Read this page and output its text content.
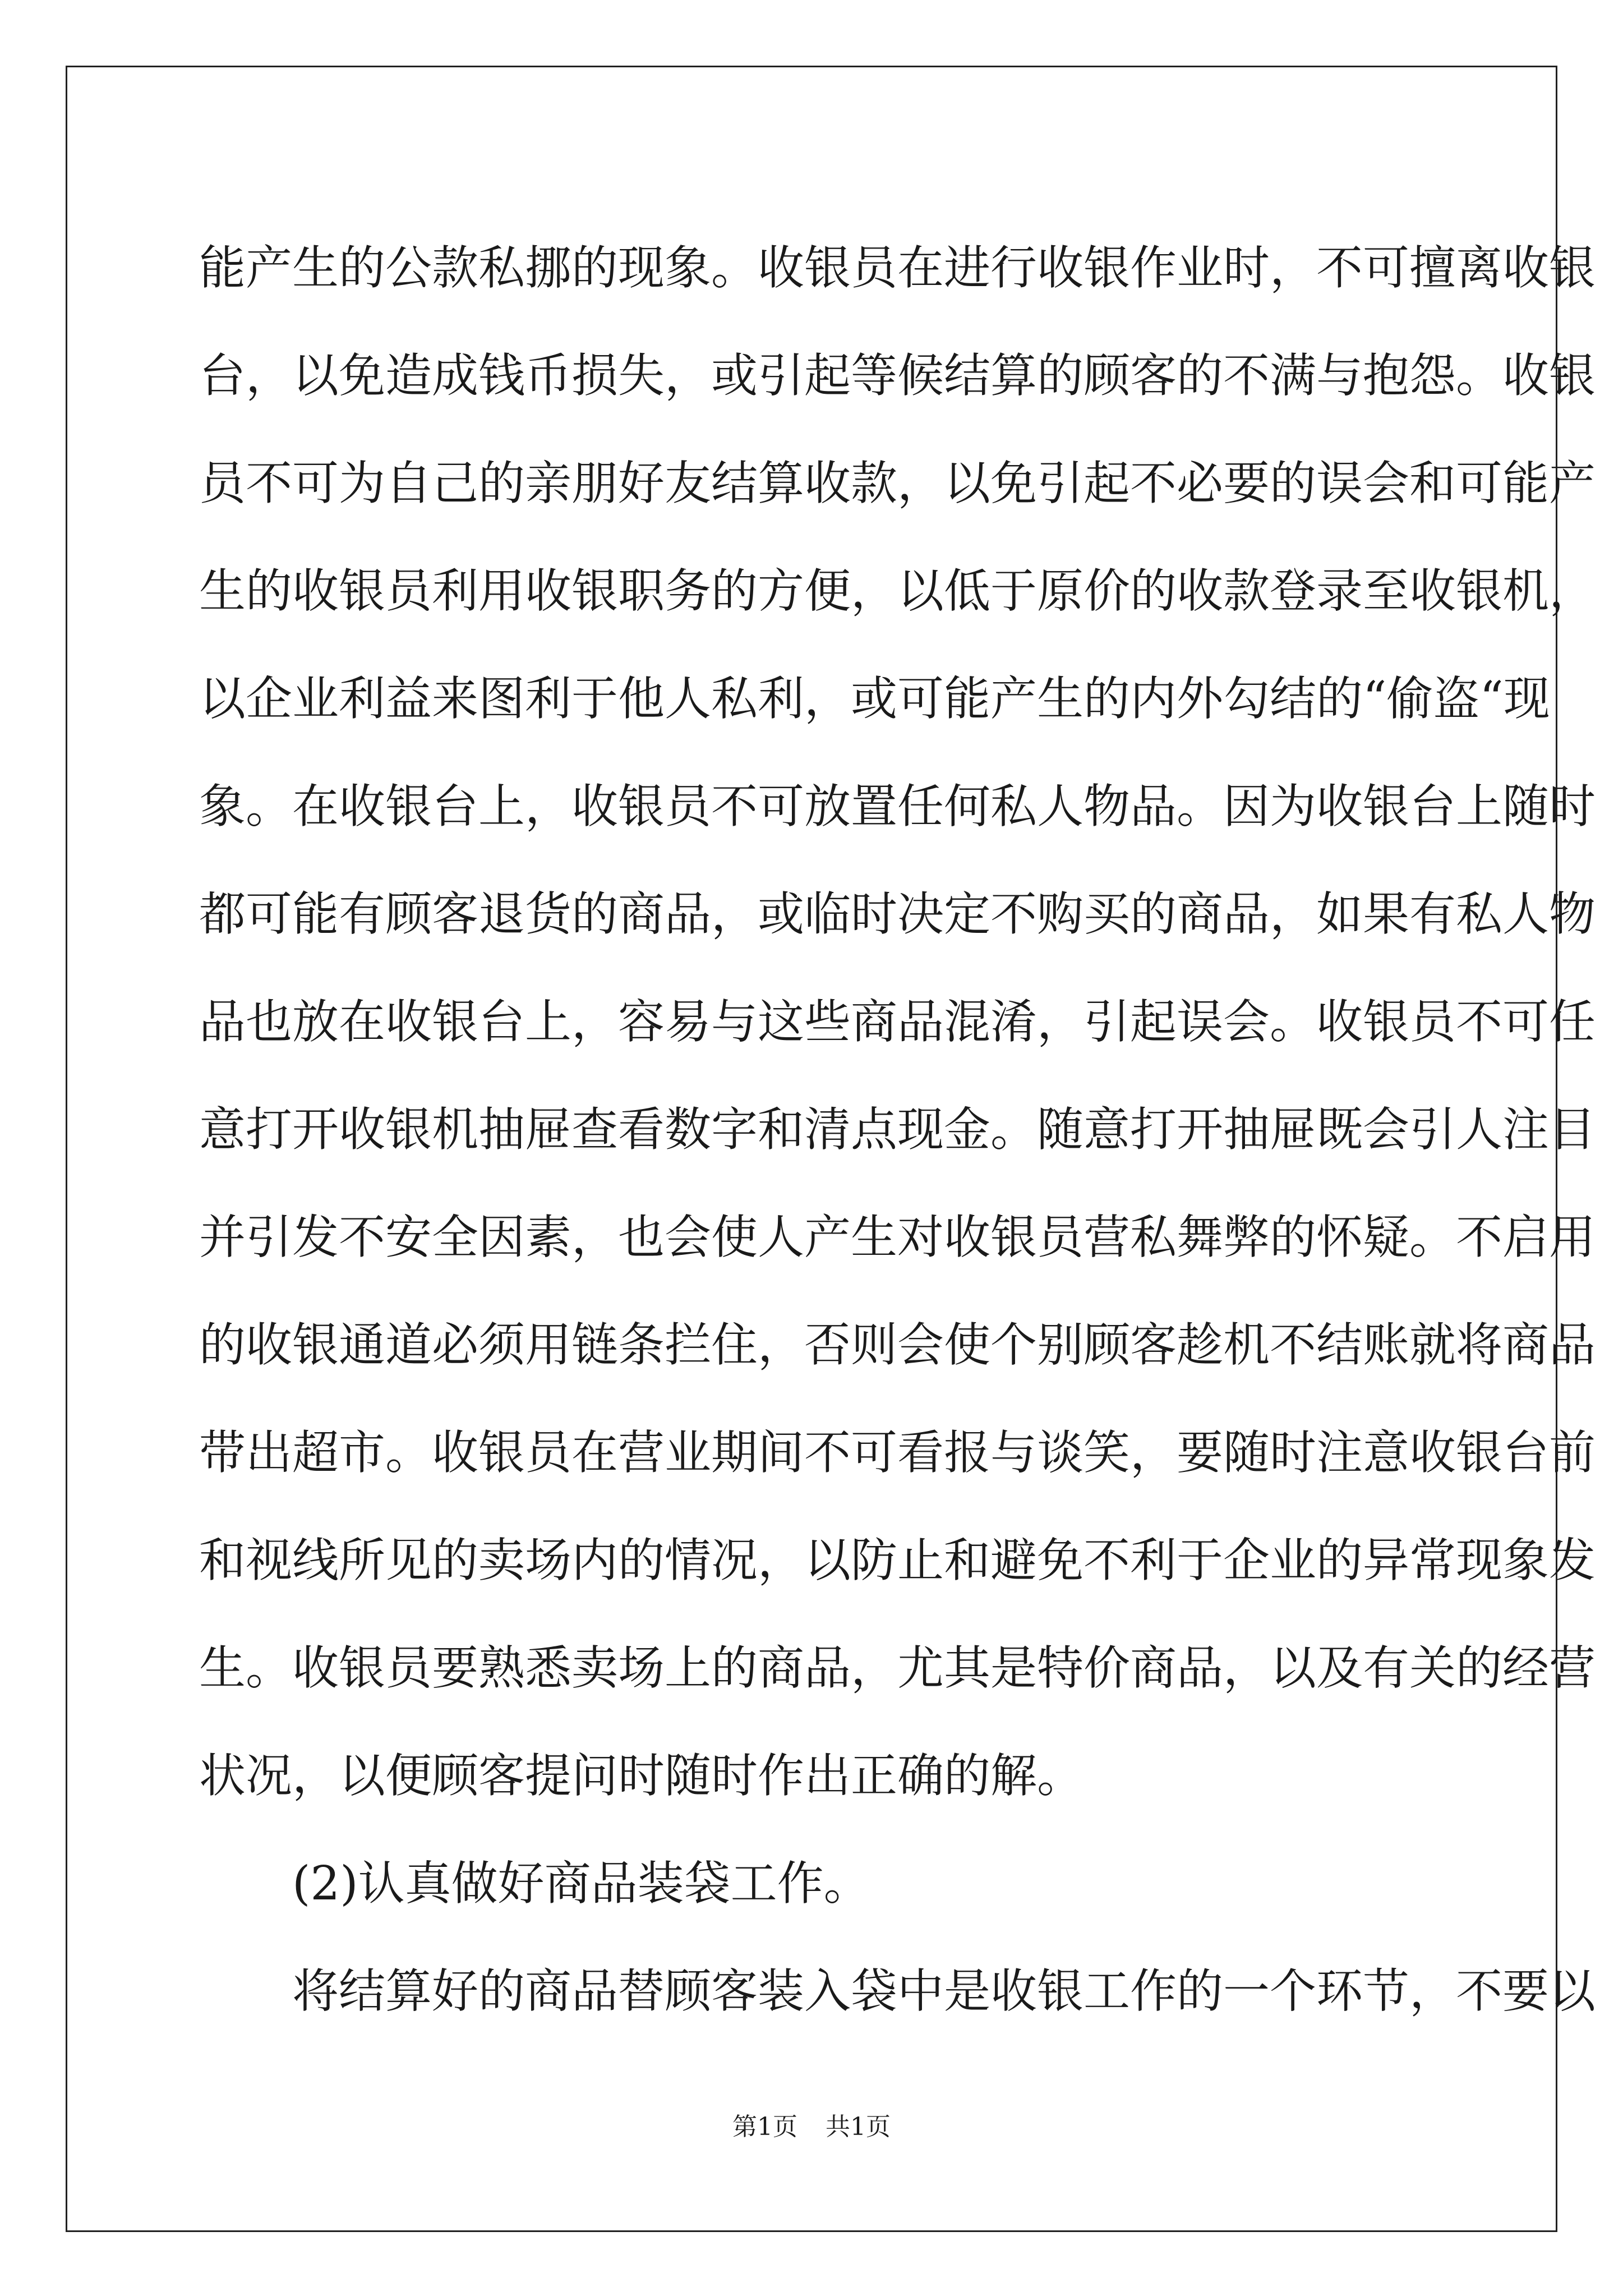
能产生的公款私挪的现象。收银员在进行收银作业时，不可擅离收银
台，以免造成钱币损失，或引起等候结算的顾客的不满与抱怨。收银
员不可为自己的亲朋好友结算收款，以免引起不必要的误会和可能产
生的收银员利用收银职务的方便，以低于原价的收款登录至收银机，
以企业利益来图利于他人私利，或可能产生的内外勾结的“偷盗“现
象。在收银台上，收银员不可放置任何私人物品。因为收银台上随时
都可能有顾客退货的商品，或临时决定不购买的商品，如果有私人物
品也放在收银台上，容易与这些商品混淆，引起误会。收银员不可任
意打开收银机抽屉查看数字和清点现金。随意打开抽屉既会引人注目
并引发不安全因素，也会使人产生对收银员营私舞弊的怀疑。不启用
的收银通道必须用链条拦住，否则会使个别顾客趁机不结账就将商品
带出超市。收银员在营业期间不可看报与谈笑，要随时注意收银台前
和视线所见的卖场内的情况，以防止和避免不利于企业的异常现象发
生。收银员要熟悉卖场上的商品，尤其是特价商品，以及有关的经营
状况，以便顾客提问时随时作出正确的解。
(2)认真做好商品装袋工作。
将结算好的商品替顾客装入袋中是收银工作的一个环节，不要以
第1页 共1页
